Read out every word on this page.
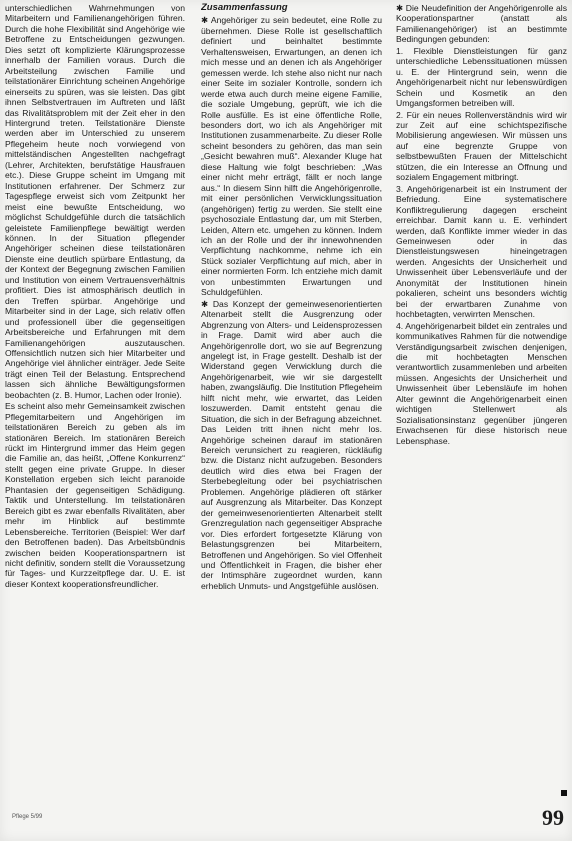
unterschiedlichen Wahrnehmungen von Mitarbeitern und Familienangehörigen führen. Durch die hohe Flexibilität sind Angehörige wie Betroffene zu Entscheidungen gezwungen. Dies setzt oft komplizierte Klärungsprozesse innerhalb der Familien voraus. Durch die Arbeitsteilung zwischen Familie und teilstationärer Einrichtung scheinen Angehörige einerseits zu spüren, was sie leisten. Das gibt ihnen Selbstvertrauen im Auftreten und läßt das Rivalitätsproblem mit der Zeit eher in den Hintergrund treten. Teilstationäre Dienste werden aber im Unterschied zu unserem Pflegeheim heute noch vorwiegend von mittelständischen Angestellten nachgefragt (Lehrer, Architekten, berufstätige Hausfrauen etc.). Diese Gruppe scheint im Umgang mit Institutionen erfahrener. Der Schmerz zur Tagespflege erweist sich vom Zeitpunkt her meist eine bewußte Entscheidung, wo möglichst Schuldgefühle durch die tatsächlich geleistete Familienpflege bewältigt werden können. In der Situation pflegender Angehöriger scheinen diese teilstationären Dienste eine deutlich spürbare Entlastung, da der Kontext der Begegnung zwischen Familien und Institution von einem Vertrauensverhältnis profitiert. Dies ist atmosphärisch deutlich in den Treffen spürbar. Angehörige und Mitarbeiter sind in der Lage, sich relativ offen und professionell über die gegenseitigen Arbeitsbereiche und Erfahrungen mit dem Familienangehörigen auszutauschen. Offensichtlich nutzen sich hier Mitarbeiter und Angehörige viel ähnlicher einträger. Jede Seite trägt einen Teil der Belastung. Entsprechend lassen sich ähnliche Bewältigungsformen beobachten (z. B. Humor, Lachen oder Ironie).

Es scheint also mehr Gemeinsamkeit zwischen Pflegemitarbeitern und Angehörigen im teilstationären Bereich zu geben als im stationären Bereich. Im stationären Bereich rückt im Hintergrund immer das Heim gegen die Familie an, das heißt, „Offene Konkurrenz“ stellt gegen eine private Gruppe. In dieser Konstellation ergeben sich leicht paranoide Phantasien der gegenseitigen Schädigung. Taktik und Unterstellung. Im teilstationären Bereich gibt es zwar ebenfalls Rivalitäten, aber mehr im Hinblick auf bestimmte Lebensbereiche. Territorien (Beispiel: Wer darf den Betroffenen baden). Das Arbeitsbündnis zwischen beiden Kooperationspartnern ist nicht definitiv, sondern stellt die Voraussetzung für Tages- und Kurzzeitpflege dar. U. E. ist dieser Kontext kooperationsfreundlicher.

Zusammenfassung

✱ Angehöriger zu sein bedeutet, eine Rolle zu übernehmen. Diese Rolle ist gesellschaftlich definiert und beinhaltet bestimmte Verhaltensweisen, Erwartungen, an denen ich mich messe und an denen ich als Angehöriger gemessen werde. Ich stehe also nicht nur nach einer Seite im sozialer Kontrolle, sondern ich werde etwa auch durch meine eigene Familie, die soziale Umgebung, geprüft, wie ich die Rolle ausfülle. Es ist eine öffentliche Rolle, besonders dort, wo ich als Angehöriger mit Institutionen zusammenarbeite. Zu dieser Rolle scheint besonders zu gehören, das man sein „Gesicht bewahren muß“. Alexander Kluge hat diese Haltung wie folgt beschrieben: „Was einer nicht mehr erträgt, fällt er noch lange aus.“ In diesem Sinn hilft die Angehörigenrolle, mit einer persönlichen Verwicklungssituation (angehörigen) fertig zu werden. Sie stellt eine psychosoziale Entlastung dar, um mit Sterben, Leiden, Altern etc. umgehen zu können. Indem ich an der Rolle und der ihr innewohnenden Verpflichtung nachkomme, nehme ich ein Stück sozialer Verpflichtung auf mich, aber in einer normierten Form. Ich entziehe mich damit von unbestimmten Erwartungen und Schuldgefühlen.

✱ Das Konzept der gemeinwesenorientierten Altenarbeit stellt die Ausgrenzung oder Abgrenzung von Alters- und Leidensprozessen in Frage. Damit wird aber auch die Angehörigenrolle dort, wo sie auf Begrenzung angelegt ist, in Frage gestellt. Deshalb ist der Widerstand gegen Verwicklung durch die Angehörigenarbeit, wie wir sie dargestellt haben, zwangsläufig. Die Institution Pflegeheim hilft nicht mehr, wie erwartet, das Leiden loszuwerden. Damit entsteht genau die Situation, die sich in der Befragung abzeichnet. Das Leiden tritt ihnen nicht mehr los. Angehörige scheinen darauf im stationären Bereich verunsichert zu reagieren, rückläufig bzw. die Distanz nicht aufzugeben. Besonders deutlich wird dies etwa bei Fragen der Sterbebegleitung oder bei psychiatrischen Problemen. Angehörige plädieren oft stärker auf Ausgrenzung als Mitarbeiter. Das Konzept der gemeinwesenorientierten Altenarbeit stellt Grenzregulation nach gegenseitiger Absprache vor. Dies erfordert fortgesetzte Klärung von Belastungsgrenzen bei Mitarbeitern, Betroffenen und Angehörigen. So viel Offenheit und Öffentlichkeit in Fragen, die bisher eher der Intimsphäre zugeordnet wurden, kann erheblich Unmuts- und Angstgefühle auslösen.

✱ Die Neudefinition der Angehörigenrolle als Kooperationspartner (anstatt als Familienangehöriger) ist an bestimmte Bedingungen gebunden:

1. Flexible Dienstleistungen für ganz unterschiedliche Lebenssituationen müssen u. E. der Hintergrund sein, wenn die Angehörigenarbeit nicht nur lebenswürdigen Schein und Kosmetik an den Umgangsformen betreiben will.

2. Für ein neues Rollenverständnis wird wir zur Zeit auf eine schichtspezifische Mobilisierung angewiesen. Wir müssen uns auf eine begrenzte Gruppe von selbstbewußten Frauen der Mittelschicht stützen, die ein Interesse an Öffnung und sozialem Engagement mitbringt.

3. Angehörigenarbeit ist ein Instrument der Befriedung. Eine systematischere Konfliktregulierung dagegen erscheint erreichbar. Damit kann u. E. verhindert werden, daß Konflikte immer wieder in das Gemeinwesen oder in das Dienstleistungswesen hineingetragen werden. Angesichts der Unsicherheit und Unwissenheit über Lebensverläufe und der Anonymität der Institutionen hinein pokalieren, scheint uns besonders wichtig bei der erwartbaren Zunahme von hochbetagten, verwirrten Menschen.

4. Angehörigenarbeit bildet ein zentrales und kommunikatives Rahmen für die notwendige Verständigungsarbeit zwischen denjenigen, die mit hochbetagten Menschen verantwortlich zusammenleben und arbeiten müssen. Angesichts der Unsicherheit und Unwissenheit über Lebensläufe im hohen Alter gewinnt die Angehörigenarbeit einen wichtigen Stellenwert als Sozialisationsinstanz gegenüber jüngeren Erwachsenen für diese historisch neue Lebensphase.

Pflege 5/99	99
